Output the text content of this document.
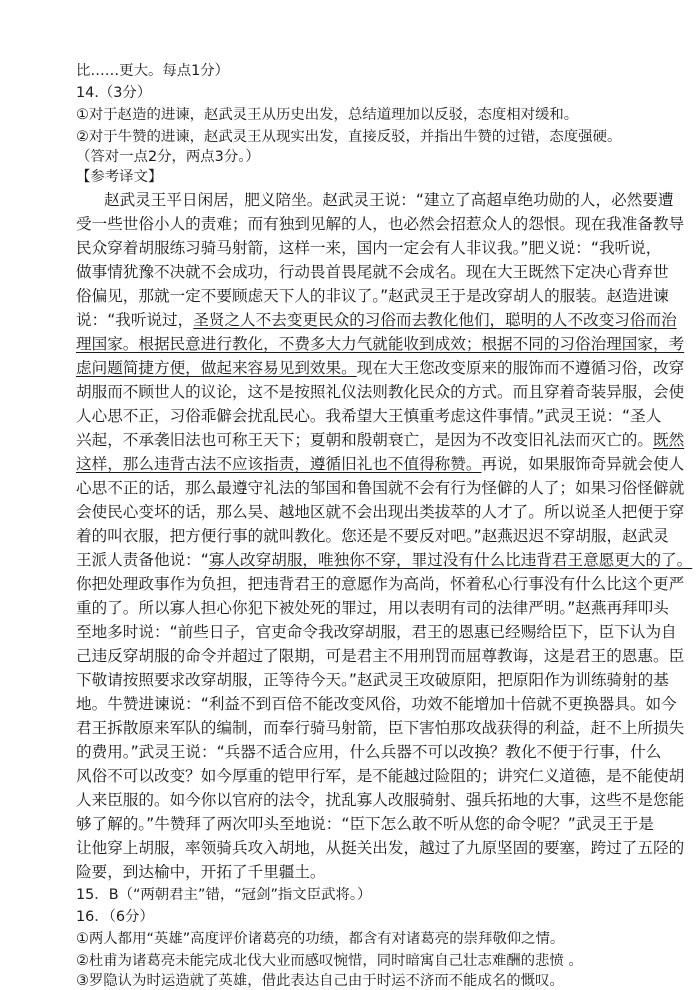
比……更大。每点1分）
14.（3分）
①对于赵造的进谏，赵武灵王从历史出发，总结道理加以反驳，态度相对缓和。
②对于牛赞的进谏，赵武灵王从现实出发，直接反驳，并指出牛赞的过错，态度强硬。
（答对一点2分，两点3分。）
【参考译文】
赵武灵王平日闲居，肥义陪坐。赵武灵王说：“建立了高超卓绝功勋的人，必然要遭
受一些世俗小人的责难；而有独到见解的人，也必然会招惹众人的怨恨。现在我准备教导
民众穿着胡服练习骑马射箭，这样一来，国内一定会有人非议我。”肥义说：“我听说，
做事情犹豫不决就不会成功，行动畏首畏尾就不会成名。现在大王既然下定决心背弃世
俗偏见，那就一定不要顾虑天下人的非议了。”赵武灵王于是改穿胡人的服装。赵造进谏
说：“我听说过，圣贤之人不去变更民众的习俗而去教化他们，聪明的人不改变习俗而治
理国家。根据民意进行教化，不费多大力气就能收到成效；根据不同的习俗治理国家，考
虑问题简捷方便，做起来容易见到效果。现在大王您改变原来的服饰而不遵循习俗，改穿
胡服而不顾世人的议论，这不是按照礼仪法则教化民众的方式。而且穿着奇装异服，会使
人心思不正，习俗乖僻会扰乱民心。我希望大王慎重考虑这件事情。”武灵王说：“圣人
兴起，不承袭旧法也可称王天下；夏朝和殷朝衰亡，是因为不改变旧礼法而灭亡的。既然
这样，那么违背古法不应该指责，遵循旧礼也不值得称赞。再说，如果服饰奇异就会使人
心思不正的话，那么最遵守礼法的邹国和鲁国就不会有行为怪僻的人了；如果习俗怪僻就
会使民心变坏的话，那么吴、越地区就不会出现出类拔萃的人才了。所以说圣人把便于穿
着的叫衣服，把方便行事的就叫教化。您还是不要反对吧。”赵燕迟迟不穿胡服，赵武灵
王派人责备他说：“寡人改穿胡服，唯独你不穿，罪过没有什么比违背君王意愿更大的了。
你把处理政事作为负担，把违背君王的意愿作为高尚，怀着私心行事没有什么比这个更严
重的了。所以寡人担心你犯下被处死的罪过，用以表明有司的法律严明。”赵燕再拜叩头
至地多时说：“前些日子，官吏命令我改穿胡服，君王的恩惠已经赐给臣下，臣下认为自
己违反穿胡服的命令并超过了限期，可是君主不用刑罚而屈尊教诲，这是君王的恩惠。臣
下敬请按照要求改穿胡服，正等待今天。”赵武灵王攻破原阳，把原阳作为训练骑射的基
地。牛赞进谏说：“利益不到百倍不能改变风俗，功效不能增加十倍就不更换器具。如今
君王拆散原来军队的编制，而奉行骑马射箭，臣下害怕那攻战获得的利益，赶不上所损失
的费用。”武灵王说：“兵器不适合应用，什么兵器不可以改换？教化不便于行事，什么
风俗不可以改变？如今厚重的铠甲行军，是不能越过险阻的；讲究仁义道德，是不能使胡
人来臣服的。如今你以官府的法令，扰乱寡人改服骑射、强兵拓地的大事，这些不是您能
够了解的。”牛赞拜了两次叩头至地说：“臣下怎么敢不听从您的命令呢？”武灵王于是
让他穿上胡服，率领骑兵攻入胡地，从挺关出发，越过了九原坚固的要塞，跨过了五陉的
险要，到达榆中，开拓了千里疆土。
15．B（“两朝君主”错，“冠剑”指文臣武将。）
16．（6分）
①两人都用“英雄”高度评价诸葛亮的功绩，都含有对诸葛亮的崇拜敬仰之情。
②杜甫为诸葛亮未能完成北伐大业而感叹惋惜，同时暗寓自己壮志难酬的悲愤 。
③罗隐认为时运造就了英雄，借此表达自己由于时运不济而不能成名的慨叹。
